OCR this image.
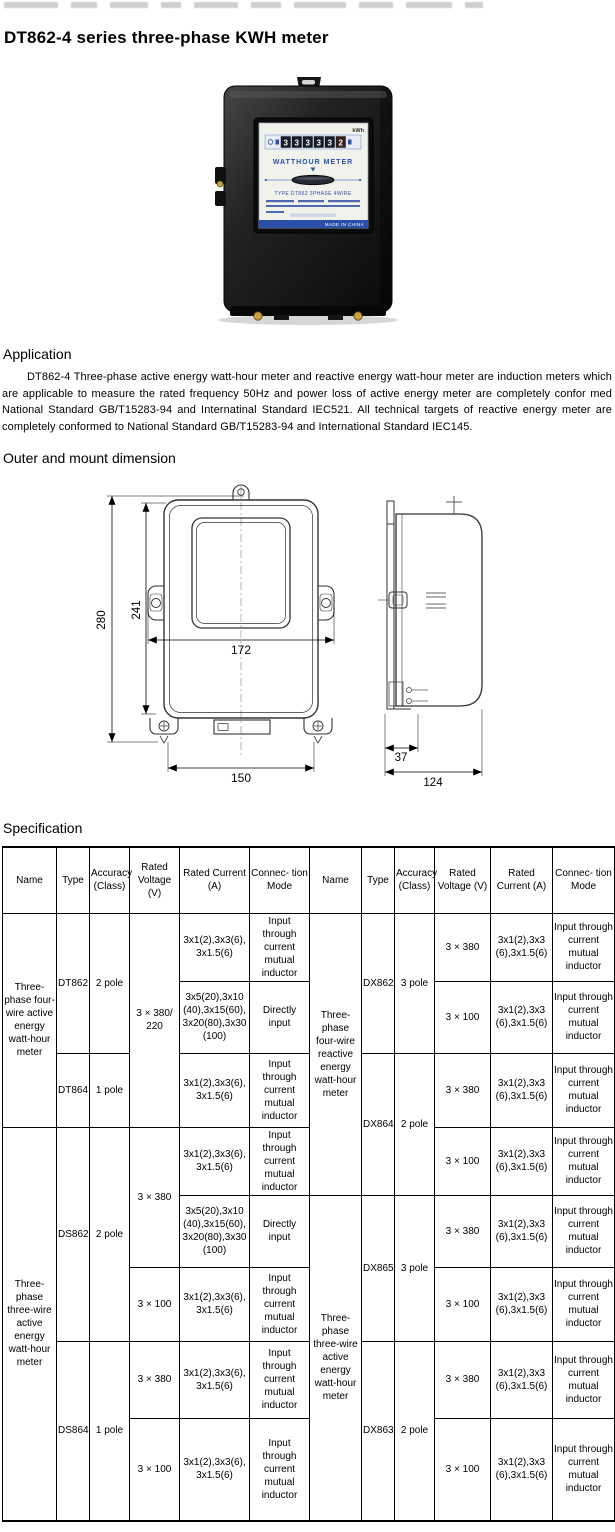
DT862-4 series three-phase KWH meter
kWh
3 3 3 3 3 2
WATTHOUR METER
TYPE DT862 3PHASE 4WIRE
MADE IN CHINA
Application

DT862-4 Three-phase active energy watt-hour meter and reactive energy watt-hour meter are induction meters which are applicable to measure the rated frequency 50Hz and power loss of active energy meter are completely confor med National Standard GB/T15283-94 and Internatinal Standard IEC521. All technical targets of reactive energy meter are completely conformed to National Standard GB/T15283-94 and International Standard IEC145.

Outer and mount dimension
280
241
172
150
37
124
Specification
Name	Type	Accuracy (Class)	Rated Voltage (V)	Rated Current (A)	Connec- tion Mode	Name	Type	Accuracy (Class)	Rated Voltage (V)	Rated Current (A)	Connec- tion Mode
Three-phase four-wire active energy watt-hour meter	DT862	2 pole	3 × 380/ 220	3x1(2),3x3(6), 3x1.5(6)	Input through current mutual inductor	Three-phase four-wire reactive energy watt-hour meter	DX862	3 pole	3 × 380	3x1(2),3x3 (6),3x1.5(6)	Input through current mutual inductor
				3x5(20),3x10(40),3x15(60),3x20(80),3x30 (100)	Directly input				3 × 100	3x1(2),3x3 (6),3x1.5(6)	Input through current mutual inductor
	DT864	1 pole		3x1(2),3x3(6), 3x1.5(6)	Input through current mutual inductor		DX864	2 pole	3 × 380	3x1(2),3x3 (6),3x1.5(6)	Input through current mutual inductor
Three-phase three-wire active energy watt-hour meter	DS862	2 pole	3 × 380	3x1(2),3x3(6), 3x1.5(6)	Input through current mutual inductor				3 × 100	3x1(2),3x3 (6),3x1.5(6)	Input through current mutual inductor
				3x5(20),3x10(40),3x15(60),3x20(80),3x30 (100)	Directly input	Three-phase three-wire active energy watt-hour meter	DX865	3 pole	3 × 380	3x1(2),3x3 (6),3x1.5(6)	Input through current mutual inductor
			3 × 100	3x1(2),3x3(6), 3x1.5(6)	Input through current mutual inductor				3 × 100	3x1(2),3x3 (6),3x1.5(6)	Input through current mutual inductor
	DS864	1 pole	3 × 380	3x1(2),3x3(6), 3x1.5(6)	Input through current mutual inductor		DX863	2 pole	3 × 380	3x1(2),3x3 (6),3x1.5(6)	Input through current mutual inductor
			3 × 100	3x1(2),3x3(6), 3x1.5(6)	Input through current mutual inductor				3 × 100	3x1(2),3x3 (6),3x1.5(6)	Input through current mutual inductor
